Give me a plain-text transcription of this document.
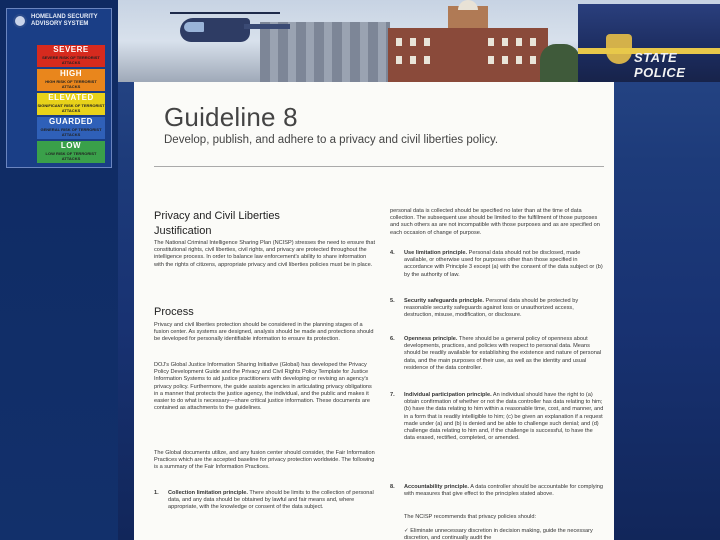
STATE POLICE
HOMELAND SECURITY ADVISORY SYSTEM
SEVERE
SEVERE RISK OF TERRORIST ATTACKS
HIGH
HIGH RISK OF TERRORIST ATTACKS
ELEVATED
SIGNIFICANT RISK OF TERRORIST ATTACKS
GUARDED
GENERAL RISK OF TERRORIST ATTACKS
LOW
LOW RISK OF TERRORIST ATTACKS
Guideline 8
Develop, publish, and adhere to a privacy and civil liberties policy.
Privacy and Civil Liberties
Justification
The National Criminal Intelligence Sharing Plan (NCISP) stresses the need to ensure that constitutional rights, civil liberties, civil rights, and privacy are protected throughout the intelligence process. In order to balance law enforcement's ability to share information with the rights of citizens, appropriate privacy and civil liberties policies must be in place.
Process
Privacy and civil liberties protection should be considered in the planning stages of a fusion center. As systems are designed, analysis should be made and protections should be developed for personally identifiable information to ensure its protection.
DOJ's Global Justice Information Sharing Initiative (Global) has developed the Privacy Policy Development Guide and the Privacy and Civil Rights Policy Template for Justice Information Systems to aid justice practitioners with developing or revising an agency's privacy policy. Furthermore, the guide assists agencies in articulating privacy obligations in a manner that protects the justice agency, the individual, and the public and makes it easier to do what is necessary—share critical justice information. These documents are contained as attachments to the guidelines.
The Global documents utilize, and any fusion center should consider, the Fair Information Practices which are the accepted baseline for privacy protection worldwide. The following is a summary of the Fair Information Practices.
1. Collection limitation principle. There should be limits to the collection of personal data, and any data should be obtained by lawful and fair means and, where appropriate, with the knowledge or consent of the data subject.
personal data is collected should be specified no later than at the time of data collection. The subsequent use should be limited to the fulfillment of those purposes and such others as are not incompatible with those purposes and as are specified on each occasion of change of purpose.
4. Use limitation principle. Personal data should not be disclosed, made available, or otherwise used for purposes other than those specified in accordance with Principle 3 except (a) with the consent of the data subject or (b) by the authority of law.
5. Security safeguards principle. Personal data should be protected by reasonable security safeguards against loss or unauthorized access, destruction, misuse, modification, or disclosure.
6. Openness principle. There should be a general policy of openness about developments, practices, and policies with respect to personal data. Means should be readily available for establishing the existence and nature of personal data, and the main purposes of their use, as well as the identity and usual residence of the data controller.
7. Individual participation principle. An individual should have the right to (a) obtain confirmation of whether or not the data controller has data relating to him; (b) have the data relating to him within a reasonable time, cost, and manner, and in a form that is readily intelligible to him; (c) be given an explanation if a request made under (a) and (b) is denied and be able to challenge such denial; and (d) challenge data relating to him and, if the challenge is successful, to have the data erased, rectified, completed, or amended.
8. Accountability principle. A data controller should be accountable for complying with measures that give effect to the principles stated above.
The NCISP recommends that privacy policies should:
✓ Eliminate unnecessary discretion in decision making, guide the necessary discretion, and continually audit the
